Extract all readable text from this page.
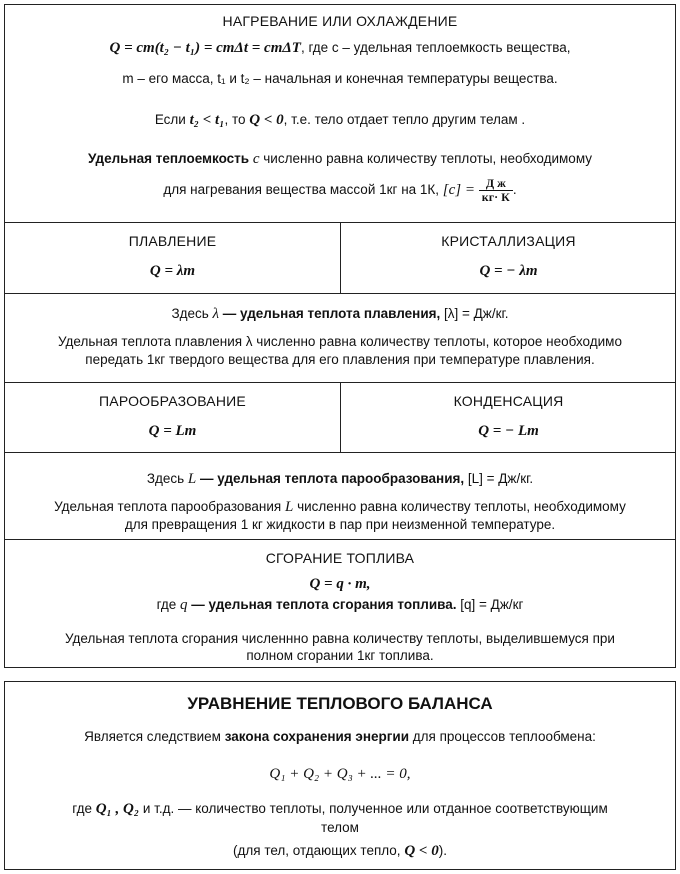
НАГРЕВАНИЕ ИЛИ ОХЛАЖДЕНИЕ
Q = cm(t₂ − t₁) = cmΔt = cmΔT, где c – удельная теплоемкость вещества,
m – его масса, t₁ и t₂ – начальная и конечная температуры вещества.
Если t₂ < t₁, то Q < 0, т.е. тело отдает тепло другим телам .
Удельная теплоемкость c численно равна количеству теплоты, необходимому
для нагревания вещества массой 1кг на 1К, $[c] = \frac{\text{Д ж}}{кг\cdot К}$ .
ПЛАВЛЕНИЕ
Q = λm
КРИСТАЛЛИЗАЦИЯ
Q = − λm
Здесь λ — удельная теплота плавления, [λ] = Дж/кг.
Удельная теплота плавления λ численно равна количеству теплоты, которое необходимо
передать 1кг твердого вещества для его плавления при температуре плавления.
ПАРООБРАЗОВАНИЕ
Q = Lm
КОНДЕНСАЦИЯ
Q = − Lm
Здесь L — удельная теплота парообразования, [L] = Дж/кг.
Удельная теплота парообразования L численно равна количеству теплоты, необходимому
для превращения 1 кг жидкости в пар при неизменной температуре.
СГОРАНИЕ ТОПЛИВА
Q = q · m,
где q — удельная теплота сгорания топлива. [q] = Дж/кг
Удельная теплота сгорания численнно равна количеству теплоты, выделившемуся при
полном сгорании 1кг топлива.
УРАВНЕНИЕ ТЕПЛОВОГО БАЛАНСА
Является следствием закона сохранения энергии для процессов теплообмена:
Q₁ + Q₂ + Q₃ + ... = 0,
где Q₁ , Q₂ и т.д. — количество теплоты, полученное или отданное соответствующим
телом
(для тел, отдающих тепло, Q < 0).
